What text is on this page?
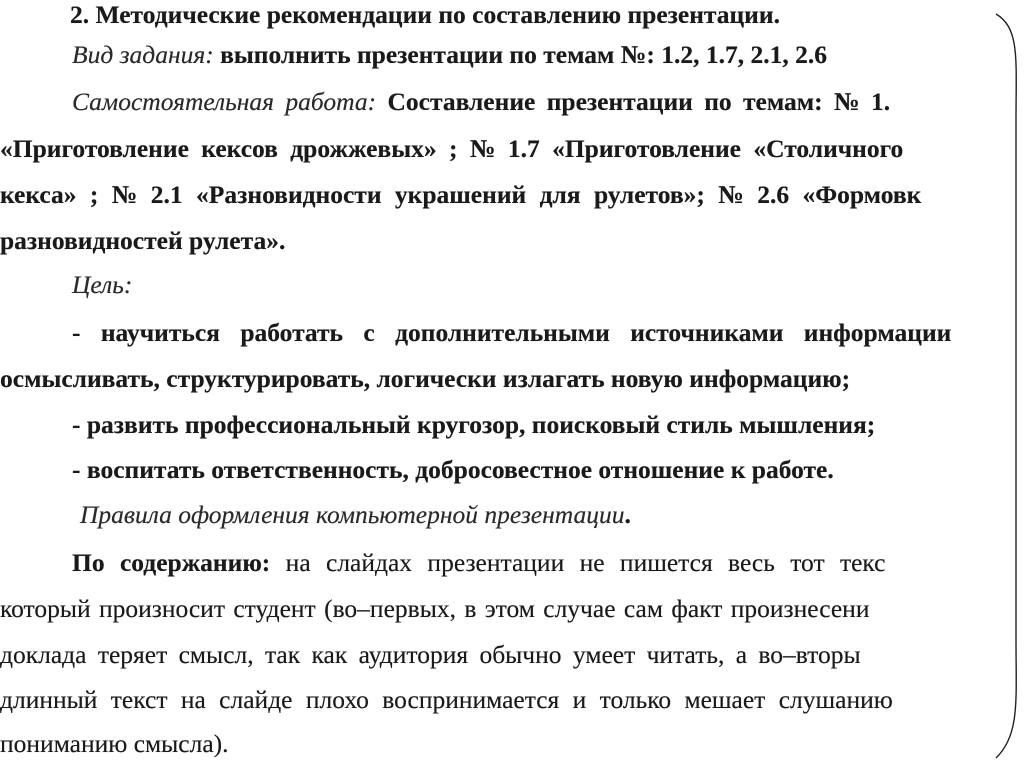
2. Методические рекомендации по составлению презентации.
Вид задания: выполнить презентации по темам №: 1.2, 1.7, 2.1, 2.6
Самостоятельная работа: Составление презентации по темам: № 1.
«Приготовление кексов дрожжевых» ; № 1.7 «Приготовление «Столичного
кекса» ; № 2.1 «Разновидности украшений для рулетов»; № 2.6 «Формовк
разновидностей рулета».
Цель:
- научиться работать с дополнительными источниками информации
осмысливать, структурировать, логически излагать новую информацию;
- развить профессиональный кругозор, поисковый стиль мышления;
- воспитать ответственность, добросовестное отношение к работе.
Правила оформления компьютерной презентации.
По содержанию: на слайдах презентации не пишется весь тот текс
который произносит студент (во–первых, в этом случае сам факт произнесени
доклада теряет смысл, так как аудитория обычно умеет читать, а во–вторы
длинный текст на слайде плохо воспринимается и только мешает слушанию
пониманию смысла).
